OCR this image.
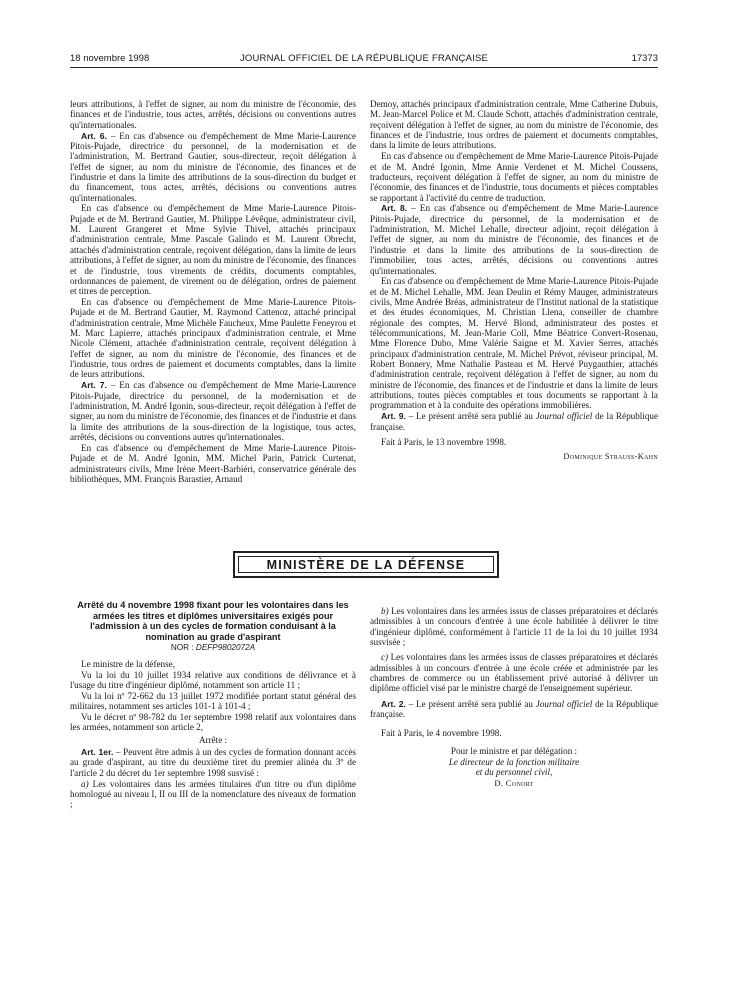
18 novembre 1998	JOURNAL OFFICIEL DE LA RÉPUBLIQUE FRANÇAISE	17373

leurs attributions, à l'effet de signer, au nom du ministre de l'économie, des finances et de l'industrie, tous actes, arrêtés, décisions ou conventions autres qu'internationales.

Art. 6. – En cas d'absence ou d'empêchement de Mme Marie-Laurence Pitois-Pujade, directrice du personnel, de la modernisation et de l'administration, M. Bertrand Gautier, sous-directeur, reçoit délégation à l'effet de signer, au nom du ministre de l'économie, des finances et de l'industrie et dans la limite des attributions de la sous-direction du budget et du financement, tous actes, arrêtés, décisions ou conventions autres qu'internationales.

En cas d'absence ou d'empêchement de Mme Marie-Laurence Pitois-Pujade et de M. Bertrand Gautier, M. Philippe Lévêque, administrateur civil, M. Laurent Grangeret et Mme Sylvie Thivel, attachés principaux d'administration centrale, Mme Pascale Galindo et M. Laurent Obrecht, attachés d'administration centrale, reçoivent délégation, dans la limite de leurs attributions, à l'effet de signer, au nom du ministre de l'économie, des finances et de l'industrie, tous virements de crédits, documents comptables, ordonnances de paiement, de virement ou de délégation, ordres de paiement et titres de perception.

En cas d'absence ou d'empêchement de Mme Marie-Laurence Pitois-Pujade et de M. Bertrand Gautier, M. Raymond Cattenoz, attaché principal d'administration centrale, Mme Michèle Faucheux, Mme Paulette Feneyrou et M. Marc Lapierre, attachés principaux d'administration centrale, et Mme Nicole Clément, attachée d'administration centrale, reçoivent délégation à l'effet de signer, au nom du ministre de l'économie, des finances et de l'industrie, tous ordres de paiement et documents comptables, dans la limite de leurs attributions.

Art. 7. – En cas d'absence ou d'empêchement de Mme Marie-Laurence Pitois-Pujade, directrice du personnel, de la modernisation et de l'administration, M. André Igonin, sous-directeur, reçoit délégation à l'effet de signer, au nom du ministre de l'économie, des finances et de l'industrie et dans la limite des attributions de la sous-direction de la logistique, tous actes, arrêtés, décisions ou conventions autres qu'internationales.

En cas d'absence ou d'empêchement de Mme Marie-Laurence Pitois-Pujade et de M. André Igonin, MM. Michel Parin, Patrick Curtenat, administrateurs civils, Mme Irène Meert-Barbiéri, conservatrice générale des bibliothèques, MM. François Barastier, Arnaud

Demoy, attachés principaux d'administration centrale, Mme Catherine Dubuis, M. Jean-Marcel Police et M. Claude Schott, attachés d'administration centrale, reçoivent délégation à l'effet de signer, au nom du ministre de l'économie, des finances et de l'industrie, tous ordres de paiement et documents comptables, dans la limite de leurs attributions.

En cas d'absence ou d'empêchement de Mme Marie-Laurence Pitois-Pujade et de M. André Igonin, Mme Annie Verdenet et M. Michel Coussens, traducteurs, reçoivent délégation à l'effet de signer, au nom du ministre de l'économie, des finances et de l'industrie, tous documents et pièces comptables se rapportant à l'activité du centre de traduction.

Art. 8. – En cas d'absence ou d'empêchement de Mme Marie-Laurence Pitois-Pujade, directrice du personnel, de la modernisation et de l'administration, M. Michel Lehalle, directeur adjoint, reçoit délégation à l'effet de signer, au nom du ministre de l'économie, des finances et de l'industrie et dans la limite des attributions de la sous-direction de l'immobilier, tous actes, arrêtés, décisions ou conventions autres qu'internationales.

En cas d'absence ou d'empêchement de Mme Marie-Laurence Pitois-Pujade et de M. Michel Lehalle, MM. Jean Deulin et Rémy Mauger, administrateurs civils, Mme Andrée Bréas, administrateur de l'Institut national de la statistique et des études économiques, M. Christian Llena, conseiller de chambre régionale des comptes, M. Hervé Blond, administrateur des postes et télécommunications, M. Jean-Marie Coll, Mme Béatrice Convert-Rosenau, Mme Florence Dubo, Mme Valérie Saigne et M. Xavier Serres, attachés principaux d'administration centrale, M. Michel Prévot, réviseur principal, M. Robert Bonnery, Mme Nathalie Pasteau et M. Hervé Puygauthier, attachés d'administration centrale, reçoivent délégation à l'effet de signer, au nom du ministre de l'économie, des finances et de l'industrie et dans la limite de leurs attributions, toutes pièces comptables et tous documents se rapportant à la programmation et à la conduite des opérations immobilières.

Art. 9. – Le présent arrêté sera publié au Journal officiel de la République française.

Fait à Paris, le 13 novembre 1998.

Dominique Strauss-Kahn

MINISTÈRE DE LA DÉFENSE
Arrêté du 4 novembre 1998 fixant pour les volontaires dans les armées les titres et diplômes universitaires exigés pour l'admission à un des cycles de formation conduisant à la nomination au grade d'aspirant
NOR : DEFP9802072A

Le ministre de la défense,

Vu la loi du 10 juillet 1934 relative aux conditions de délivrance et à l'usage du titre d'ingénieur diplômé, notamment son article 11 ;

Vu la loi nº 72-662 du 13 juillet 1972 modifiée portant statut général des militaires, notamment ses articles 101-1 à 101-4 ;

Vu le décret nº 98-782 du 1er septembre 1998 relatif aux volontaires dans les armées, notamment son article 2,

Arrête :

Art. 1er. – Peuvent être admis à un des cycles de formation donnant accès au grade d'aspirant, au titre du deuxième tiret du premier alinéa du 3º de l'article 2 du décret du 1er septembre 1998 susvisé :

a) Les volontaires dans les armées titulaires d'un titre ou d'un diplôme homologué au niveau I, II ou III de la nomenclature des niveaux de formation ;

b) Les volontaires dans les armées issus de classes préparatoires et déclarés admissibles à un concours d'entrée à une école habilitée à délivrer le titre d'ingénieur diplômé, conformément à l'article 11 de la loi du 10 juillet 1934 susvisée ;

c) Les volontaires dans les armées issus de classes préparatoires et déclarés admissibles à un concours d'entrée à une école créée et administrée par les chambres de commerce ou un établissement privé autorisé à délivrer un diplôme officiel visé par le ministre chargé de l'enseignement supérieur.

Art. 2. – Le présent arrêté sera publié au Journal officiel de la République française.

Fait à Paris, le 4 novembre 1998.

Pour le ministre et par délégation :

Le directeur de la fonction militaire

et du personnel civil,

D. Conort
